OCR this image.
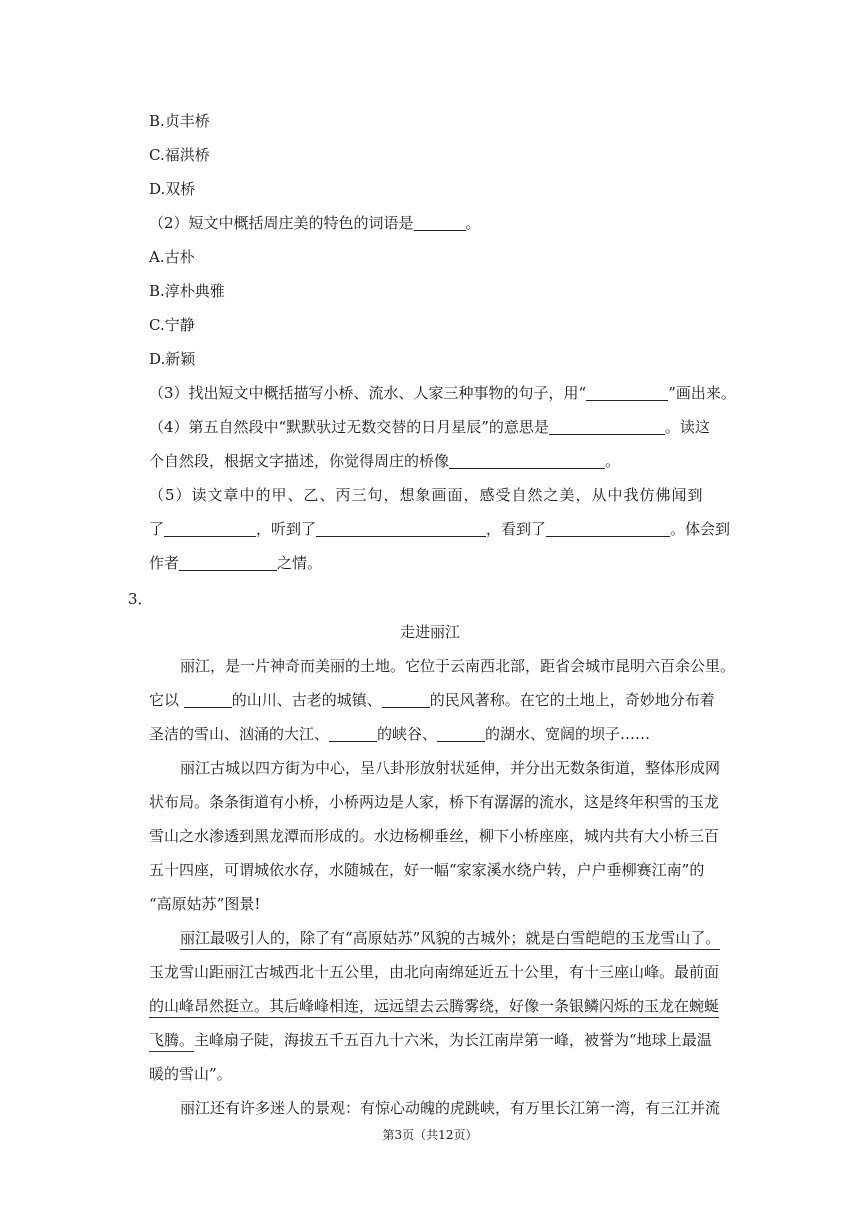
B.贞丰桥
C.福洪桥
D.双桥
（2）短文中概括周庄美的特色的词语是	。
A.古朴
B.淳朴典雅
C.宁静
D.新颖
（3）找出短文中概括描写小桥、流水、人家三种事物的句子，用“	”画出来。
（4）第五自然段中“默默驮过无数交替的日月星辰”的意思是	。读这
个自然段，根据文字描述，你觉得周庄的桥像	。
（5）读文章中的甲、乙、丙三句，想象画面，感受自然之美，从中我仿佛闻到
了	，听到了	，看到了	。体会到
作者	之情。
3．
走进丽江
丽江，是一片神奇而美丽的土地。它位于云南西北部，距省会城市昆明六百余公里。
它以	的山川、古老的城镇、	的民风著称。在它的土地上，奇妙地分布着
圣洁的雪山、汹涌的大江、	的峡谷、	的湖水、宽阔的坝子……
丽江古城以四方街为中心，呈八卦形放射状延伸，并分出无数条街道，整体形成网
状布局。条条街道有小桥，小桥两边是人家，桥下有潺潺的流水，这是终年积雪的玉龙
雪山之水渗透到黑龙潭而形成的。水边杨柳垂丝，柳下小桥座座，城内共有大小桥三百
五十四座，可谓城依水存，水随城在，好一幅“家家溪水绕户转，户户垂柳赛江南”的
“高原姑苏”图景!
丽江最吸引人的，除了有“高原姑苏”风貌的古城外；就是白雪皑皑的玉龙雪山了。
玉龙雪山距丽江古城西北十五公里，由北向南绵延近五十公里，有十三座山峰。最前面
的山峰昂然挺立。其后峰峰相连，远远望去云腾雾绕，好像一条银鳞闪烁的玉龙在蜿蜒
飞腾。主峰扇子陡，海拔五千五百九十六米，为长江南岸第一峰，被誉为“地球上最温
暖的雪山”。
丽江还有许多迷人的景观：有惊心动魄的虎跳峡，有万里长江第一湾，有三江并流
第3页（共12页）
